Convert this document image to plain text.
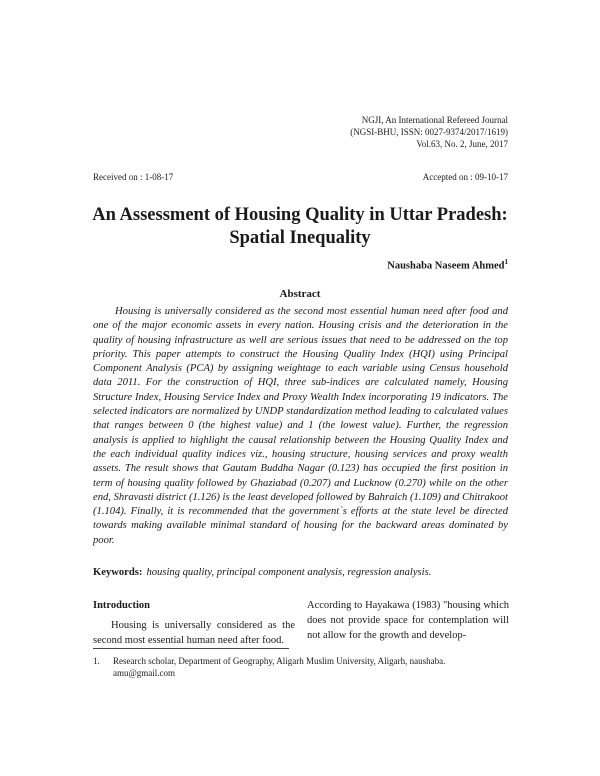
NGJI, An International Refereed Journal
(NGSI-BHU, ISSN: 0027-9374/2017/1619)
Vol.63, No. 2, June, 2017
Received on : 1-08-17	Accepted on : 09-10-17
An Assessment of Housing Quality in Uttar Pradesh:
Spatial Inequality
Naushaba Naseem Ahmed$^1$
Abstract

Housing is universally considered as the second most essential human need after food and one of the major economic assets in every nation. Housing crisis and the deterioration in the quality of housing infrastructure as well are serious issues that need to be addressed on the top priority. This paper attempts to construct the Housing Quality Index (HQI) using Principal Component Analysis (PCA) by assigning weightage to each variable using Census household data 2011. For the construction of HQI, three sub-indices are calculated namely, Housing Structure Index, Housing Service Index and Proxy Wealth Index incorporating 19 indicators. The selected indicators are normalized by UNDP standardization method leading to calculated values that ranges between 0 (the highest value) and 1 (the lowest value). Further, the regression analysis is applied to highlight the causal relationship between the Housing Quality Index and the each individual quality indices viz., housing structure, housing services and proxy wealth assets. The result shows that Gautam Buddha Nagar (0.123) has occupied the first position in term of housing quality followed by Ghaziabad (0.207) and Lucknow (0.270) while on the other end, Shravasti district (1.126) is the least developed followed by Bahraich (1.109) and Chitrakoot (1.104). Finally, it is recommended that the government`s efforts at the state level be directed towards making available minimal standard of housing for the backward areas dominated by poor.

Keywords: housing quality, principal component analysis, regression analysis.
Introduction

Housing is universally considered as the second most essential human need after food.

According to Hayakawa (1983) "housing which does not provide space for contemplation will not allow for the growth and develop-

1. Research scholar, Department of Geography, Aligarh Muslim University, Aligarh, naushaba.
amu@gmail.com
